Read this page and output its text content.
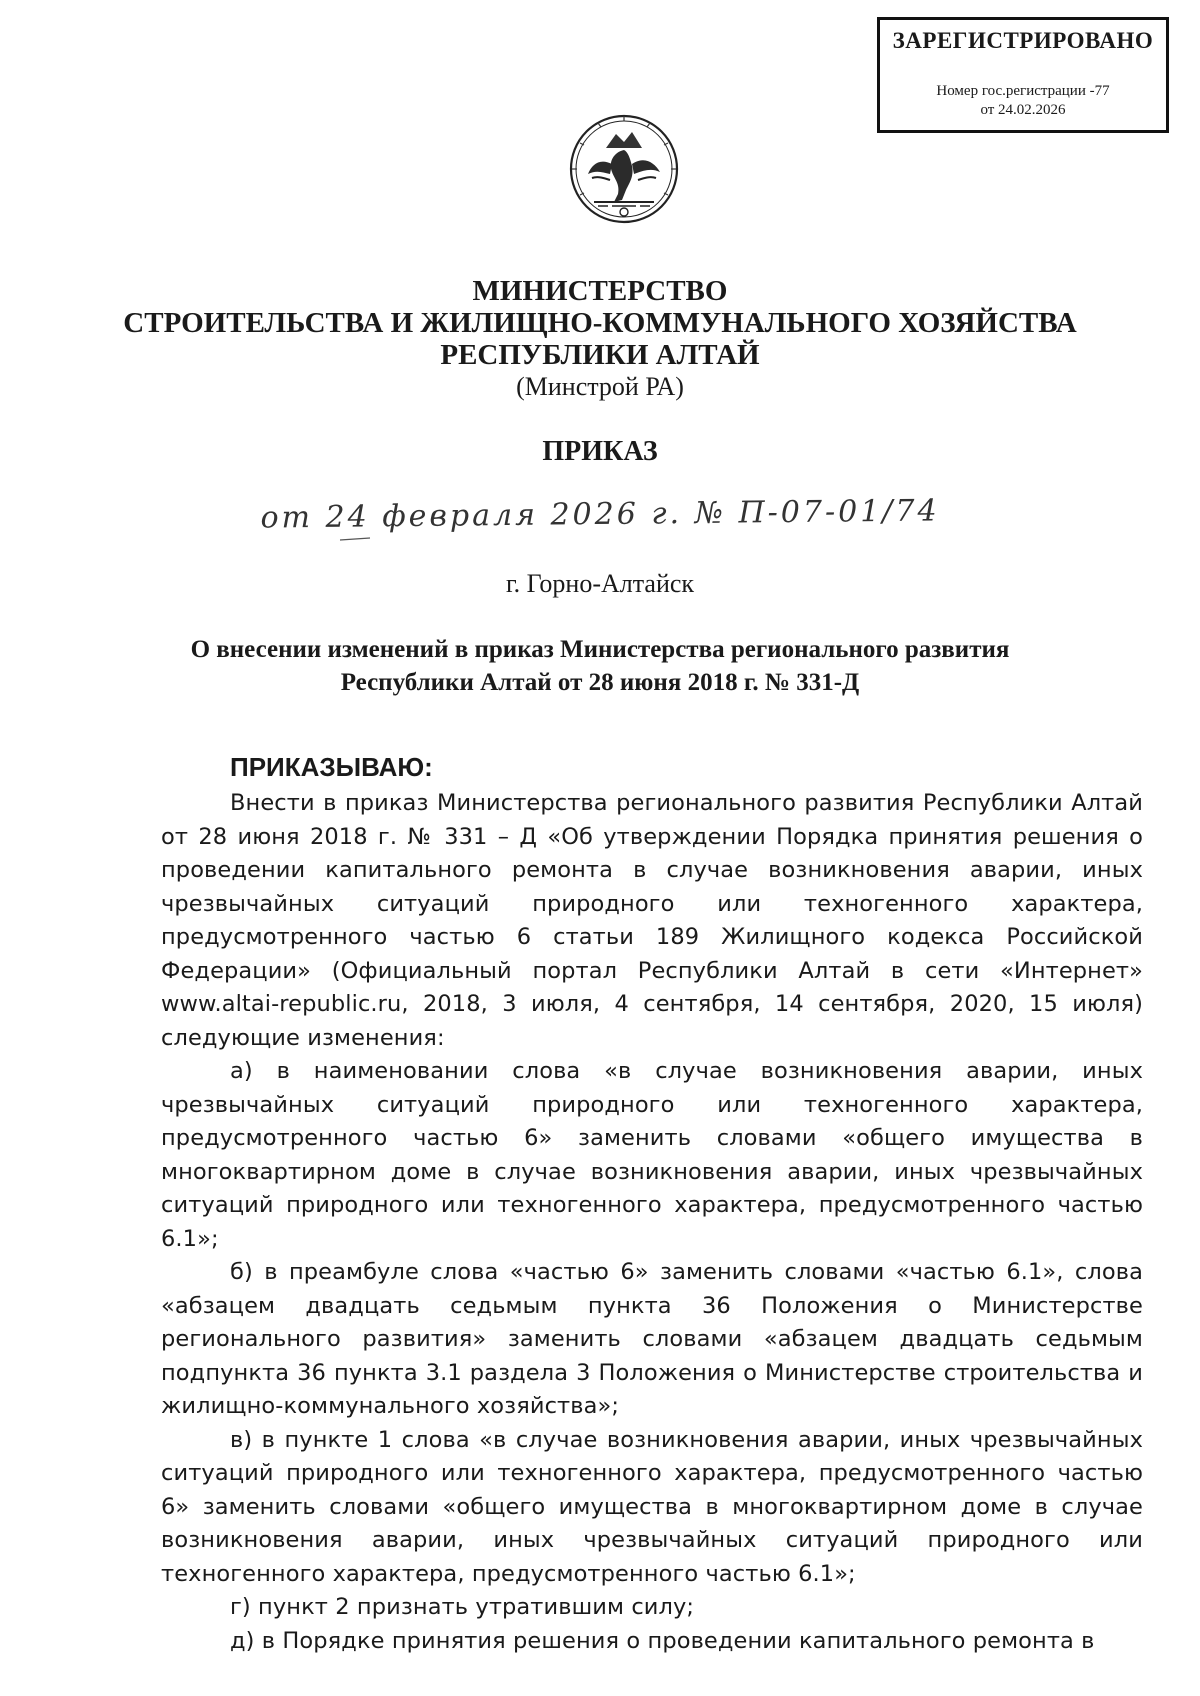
ЗАРЕГИСТРИРОВАНО
Номер гос.регистрации -77
от 24.02.2026
МИНИСТЕРСТВО
СТРОИТЕЛЬСТВА И ЖИЛИЩНО-КОММУНАЛЬНОГО ХОЗЯЙСТВА
РЕСПУБЛИКИ АЛТАЙ
(Минстрой РА)
ПРИКАЗ
от 24 февраля 2026 г. № П-07-01/74
г. Горно-Алтайск
О внесении изменений в приказ Министерства регионального развития
Республики Алтай от 28 июня 2018 г. № 331-Д
ПРИКАЗЫВАЮ:

Внести в приказ Министерства регионального развития Республики Алтай от 28 июня 2018 г. № 331 – Д «Об утверждении Порядка принятия решения о проведении капитального ремонта в случае возникновения аварии, иных чрезвычайных ситуаций природного или техногенного характера, предусмотренного частью 6 статьи 189 Жилищного кодекса Российской Федерации» (Официальный портал Республики Алтай в сети «Интернет» www.altai-republic.ru, 2018, 3 июля, 4 сентября, 14 сентября, 2020, 15 июля) следующие изменения:

а) в наименовании слова «в случае возникновения аварии, иных чрезвычайных ситуаций природного или техногенного характера, предусмотренного частью 6» заменить словами «общего имущества в многоквартирном доме в случае возникновения аварии, иных чрезвычайных ситуаций природного или техногенного характера, предусмотренного частью 6.1»;

б) в преамбуле слова «частью 6» заменить словами «частью 6.1», слова «абзацем двадцать седьмым пункта 36 Положения о Министерстве регионального развития» заменить словами «абзацем двадцать седьмым подпункта 36 пункта 3.1 раздела 3 Положения о Министерстве строительства и жилищно-коммунального хозяйства»;

в) в пункте 1 слова «в случае возникновения аварии, иных чрезвычайных ситуаций природного или техногенного характера, предусмотренного частью 6» заменить словами «общего имущества в многоквартирном доме в случае возникновения аварии, иных чрезвычайных ситуаций природного или техногенного характера, предусмотренного частью 6.1»;

г) пункт 2 признать утратившим силу;

д) в Порядке принятия решения о проведении капитального ремонта в
